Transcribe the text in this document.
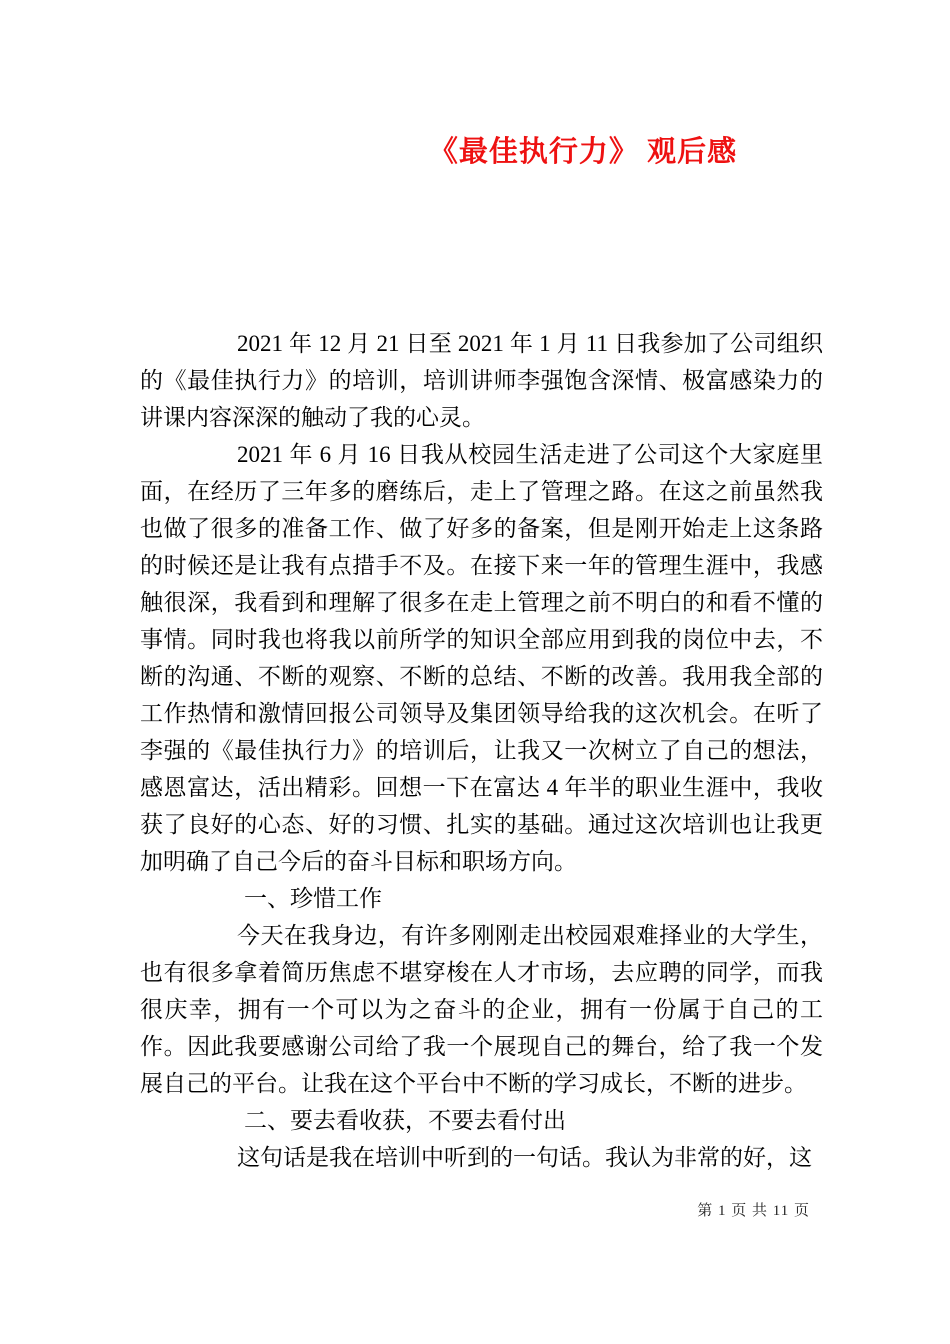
《最佳执行力》 观后感

2021 年 12 月 21 日至 2021 年 1 月 11 日我参加了公司组织的《最佳执行力》的培训，培训讲师李强饱含深情、极富感染力的讲课内容深深的触动了我的心灵。

2021 年 6 月 16 日我从校园生活走进了公司这个大家庭里面，在经历了三年多的磨练后，走上了管理之路。在这之前虽然我也做了很多的准备工作、做了好多的备案，但是刚开始走上这条路的时候还是让我有点措手不及。在接下来一年的管理生涯中，我感触很深，我看到和理解了很多在走上管理之前不明白的和看不懂的事情。同时我也将我以前所学的知识全部应用到我的岗位中去，不断的沟通、不断的观察、不断的总结、不断的改善。我用我全部的工作热情和激情回报公司领导及集团领导给我的这次机会。在听了李强的《最佳执行力》的培训后，让我又一次树立了自己的想法，感恩富达，活出精彩。回想一下在富达 4 年半的职业生涯中，我收获了良好的心态、好的习惯、扎实的基础。通过这次培训也让我更加明确了自己今后的奋斗目标和职场方向。

一、珍惜工作

今天在我身边，有许多刚刚走出校园艰难择业的大学生，也有很多拿着简历焦虑不堪穿梭在人才市场，去应聘的同学，而我很庆幸，拥有一个可以为之奋斗的企业，拥有一份属于自己的工作。因此我要感谢公司给了我一个展现自己的舞台，给了我一个发展自己的平台。让我在这个平台中不断的学习成长，不断的进步。

二、要去看收获，不要去看付出

这句话是我在培训中听到的一句话。我认为非常的好，这

第 1 页 共 11 页
